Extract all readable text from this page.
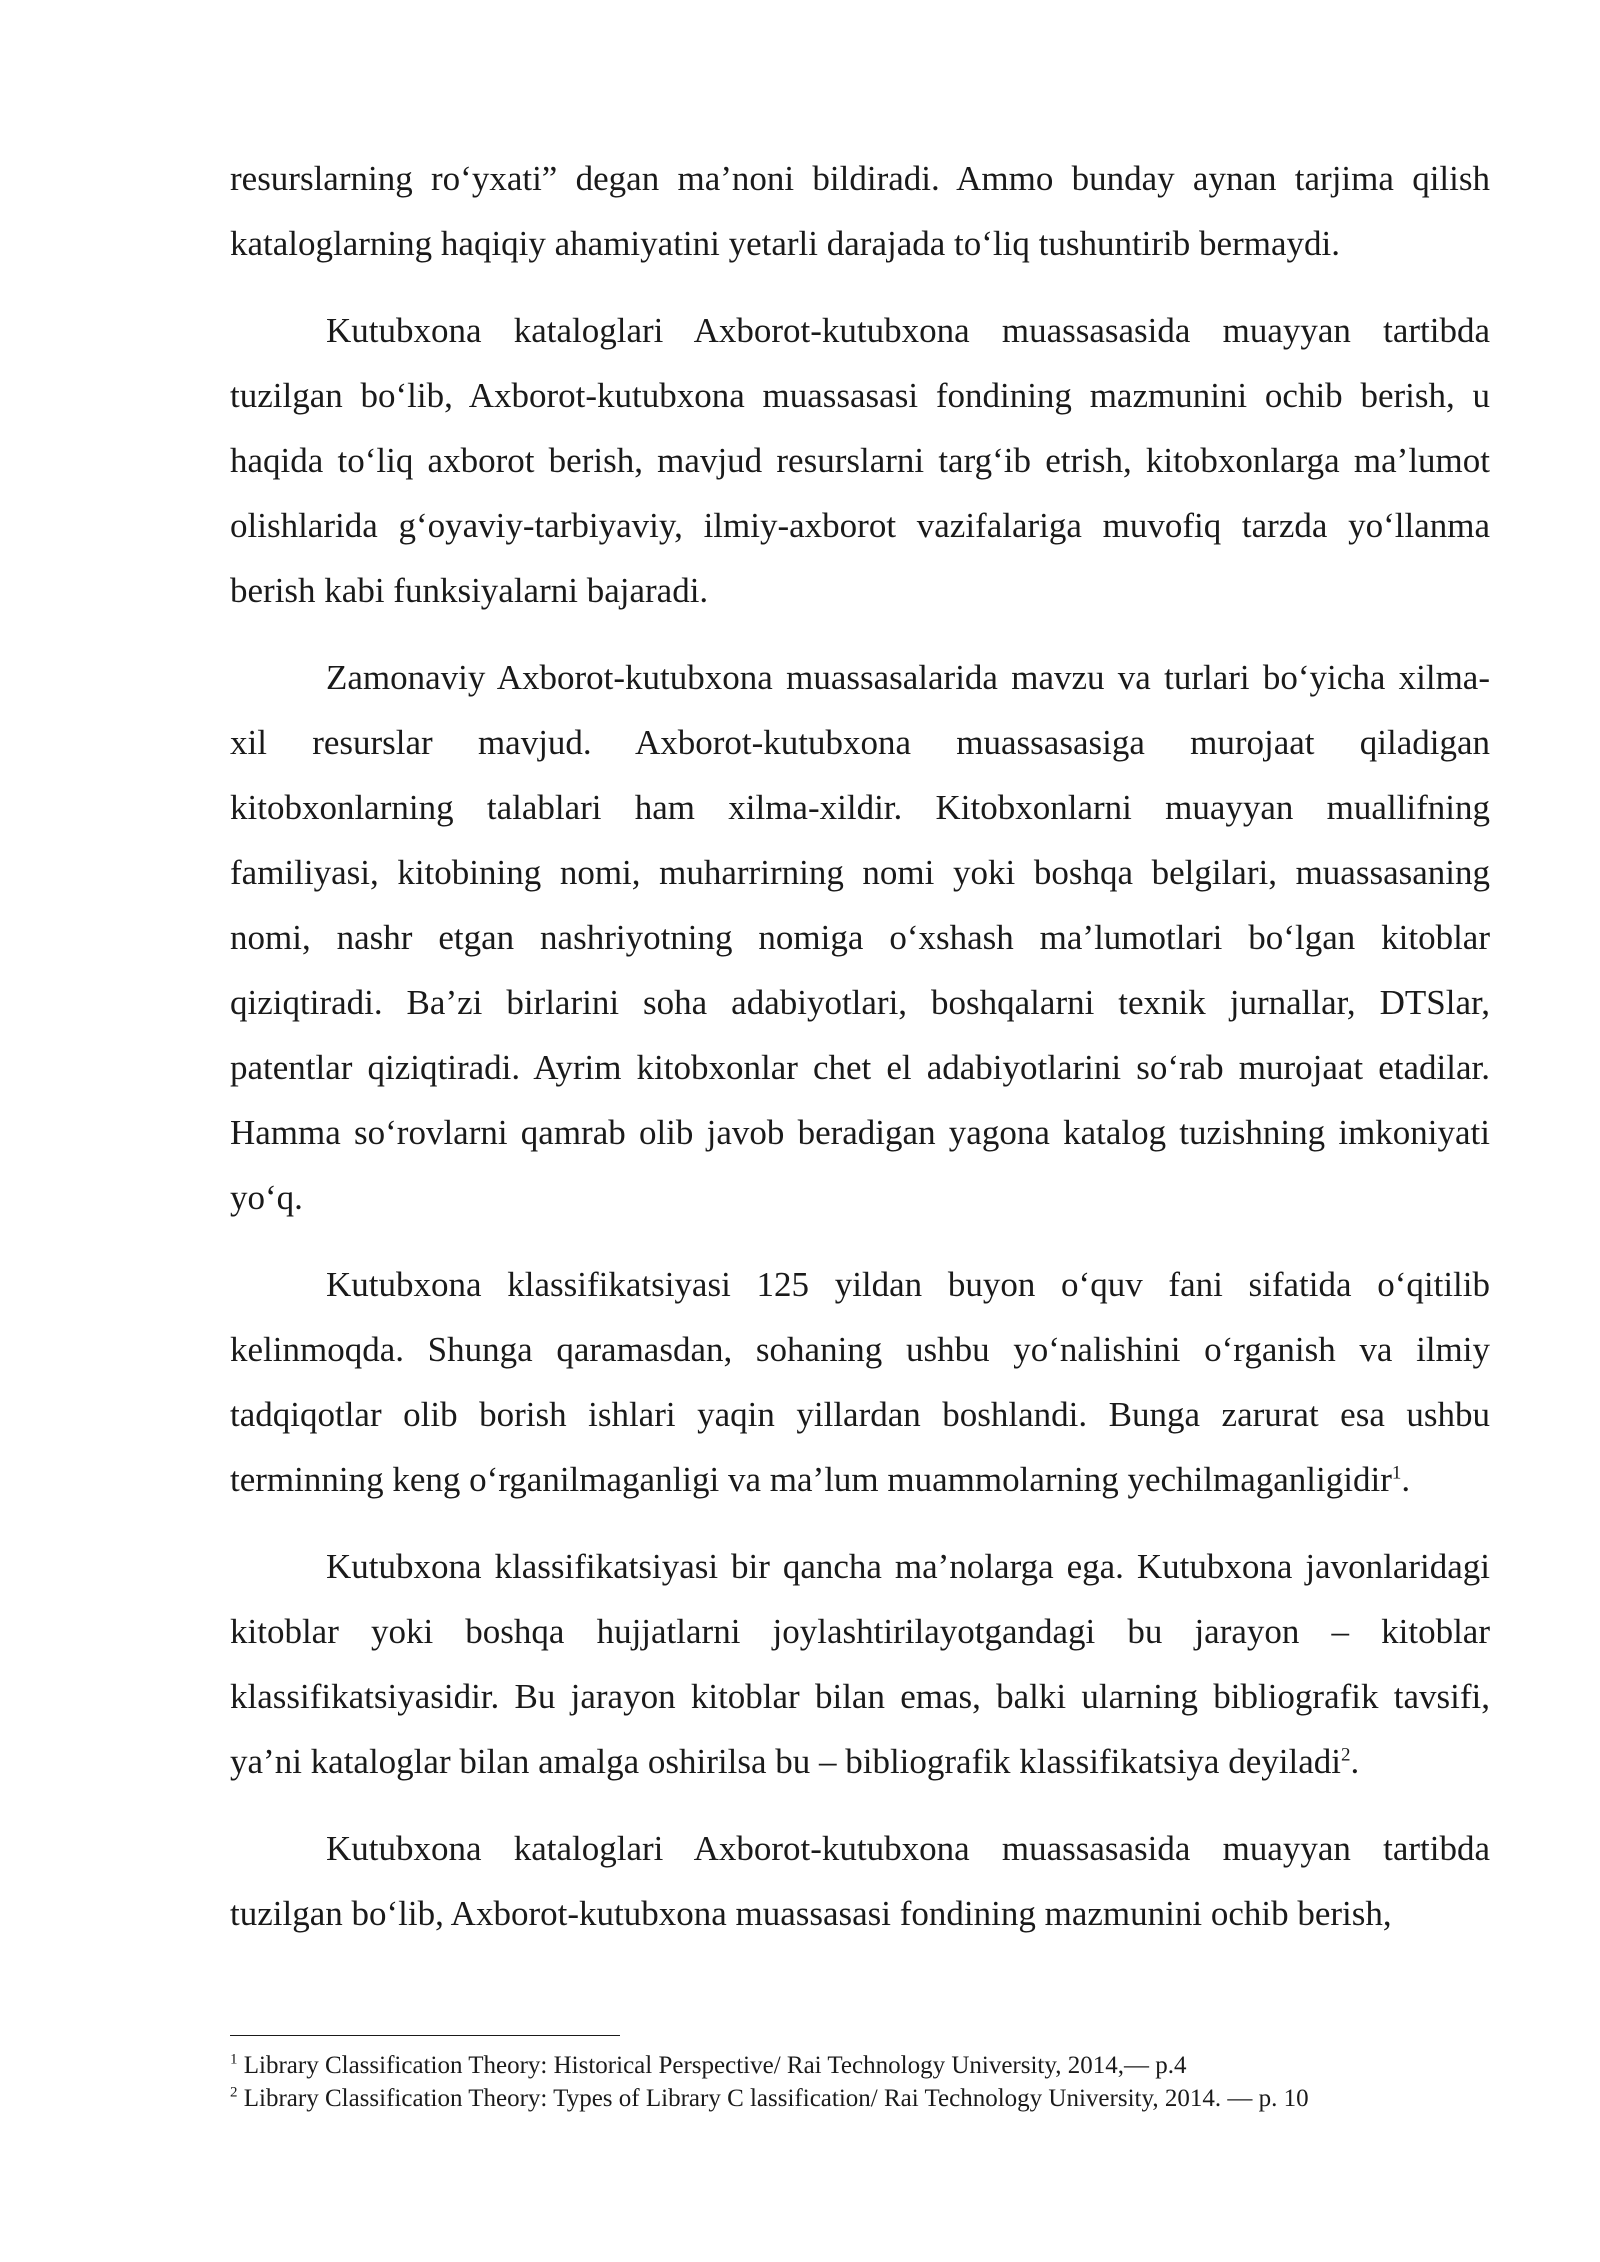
resurslarning ro‘yxati” degan ma’noni bildiradi. Ammo bunday aynan tarjima qilish kataloglarning haqiqiy ahamiyatini yetarli darajada to‘liq tushuntirib bermaydi.

Kutubxona kataloglari Axborot-kutubxona muassasasida muayyan tartibda tuzilgan bo‘lib, Axborot-kutubxona muassasasi fondining mazmunini ochib berish, u haqida to‘liq axborot berish, mavjud resurslarni targ‘ib etrish, kitobxonlarga ma’lumot olishlarida g‘oyaviy-tarbiyaviy, ilmiy-axborot vazifalariga muvofiq tarzda yo‘llanma berish kabi funksiyalarni bajaradi.

Zamonaviy Axborot-kutubxona muassasalarida mavzu va turlari bo‘yicha xilma-xil resurslar mavjud. Axborot-kutubxona muassasasiga murojaat qiladigan kitobxonlarning talablari ham xilma-xildir. Kitobxonlarni muayyan muallifning familiyasi, kitobining nomi, muharrirning nomi yoki boshqa belgilari, muassasaning nomi, nashr etgan nashriyotning nomiga o‘xshash ma’lumotlari bo‘lgan kitoblar qiziqtiradi. Ba’zi birlarini soha adabiyotlari, boshqalarni texnik jurnallar, DTSlar, patentlar qiziqtiradi. Ayrim kitobxonlar chet el adabiyotlarini so‘rab murojaat etadilar. Hamma so‘rovlarni qamrab olib javob beradigan yagona katalog tuzishning imkoniyati yo‘q.

Kutubxona klassifikatsiyasi 125 yildan buyon o‘quv fani sifatida o‘qitilib kelinmoqda. Shunga qaramasdan, sohaning ushbu yo‘nalishini o‘rganish va ilmiy tadqiqotlar olib borish ishlari yaqin yillardan boshlandi. Bunga zarurat esa ushbu terminning keng o‘rganilmaganligi va ma’lum muammolarning yechilmaganligidir$^1$.

Kutubxona klassifikatsiyasi bir qancha ma’nolarga ega. Kutubxona javonlaridagi kitoblar yoki boshqa hujjatlarni joylashtirilayotgandagi bu jarayon – kitoblar klassifikatsiyasidir. Bu jarayon kitoblar bilan emas, balki ularning bibliografik tavsifi, ya’ni kataloglar bilan amalga oshirilsa bu – bibliografik klassifikatsiya deyiladi$^2$.

Kutubxona kataloglari Axborot-kutubxona muassasasida muayyan tartibda tuzilgan bo‘lib, Axborot-kutubxona muassasasi fondining mazmunini ochib berish,

$^1$ Library Classification Theory: Historical Perspective/ Rai Technology University, 2014,— p.4

$^2$ Library Classification Theory: Types of Library C lassification/ Rai Technology University, 2014. — p. 10
